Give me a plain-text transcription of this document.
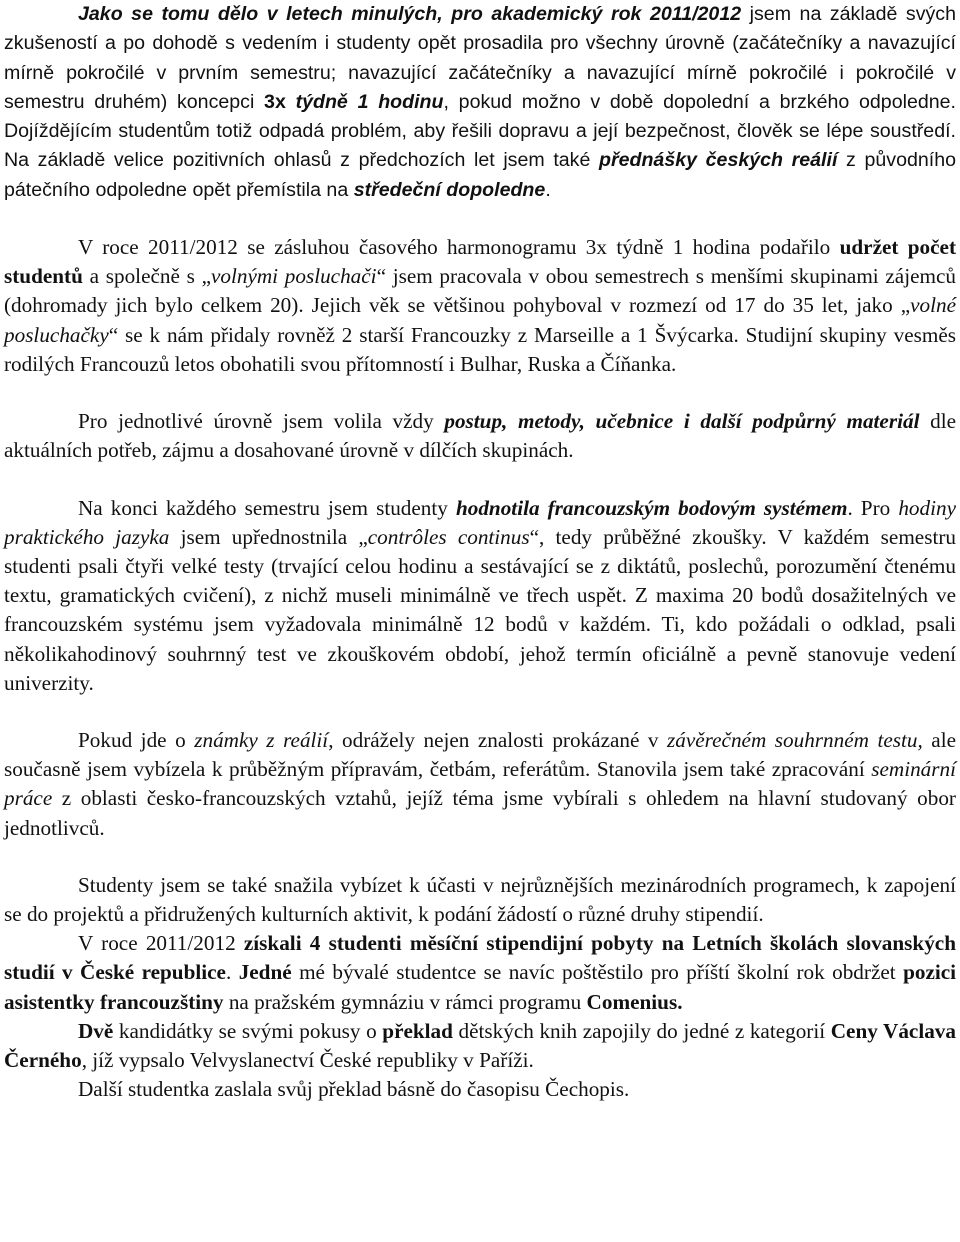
Jako se tomu dělo v letech minulých, pro akademický rok 2011/2012 jsem na základě svých zkušeností a po dohodě s vedením i studenty opět prosadila pro všechny úrovně (začátečníky a navazující mírně pokročilé v prvním semestru; navazující začátečníky a navazující mírně pokročilé i pokročilé v semestru druhém) koncepci 3x týdně 1 hodinu, pokud možno v době dopolední a brzkého odpoledne. Dojíždějícím studentům totiž odpadá problém, aby řešili dopravu a její bezpečnost, člověk se lépe soustředí. Na základě velice pozitivních ohlasů z předchozích let jsem také přednášky českých reálií z původního pátečního odpoledne opět přemístila na středeční dopoledne.

V roce 2011/2012 se zásluhou časového harmonogramu 3x týdně 1 hodina podařilo udržet počet studentů a společně s „volnými posluchači“ jsem pracovala v obou semestrech s menšími skupinami zájemců (dohromady jich bylo celkem 20). Jejich věk se většinou pohyboval v rozmezí od 17 do 35 let, jako „volné posluchačky“ se k nám přidaly rovněž 2 starší Francouzky z Marseille a 1 Švýcarka. Studijní skupiny vesměs rodilých Francouzů letos obohatili svou přítomností i Bulhar, Ruska a Číňanka.

Pro jednotlivé úrovně jsem volila vždy postup, metody, učebnice i další podpůrný materiál dle aktuálních potřeb, zájmu a dosahované úrovně v dílčích skupinách.

Na konci každého semestru jsem studenty hodnotila francouzským bodovým systémem. Pro hodiny praktického jazyka jsem upřednostnila „contrôles continus“, tedy průběžné zkoušky. V každém semestru studenti psali čtyři velké testy (trvající celou hodinu a sestávající se z diktátů, poslechů, porozumění čtenému textu, gramatických cvičení), z nichž museli minimálně ve třech uspět. Z maxima 20 bodů dosažitelných ve francouzském systému jsem vyžadovala minimálně 12 bodů v každém. Ti, kdo požádali o odklad, psali několikahodinový souhrnný test ve zkouškovém období, jehož termín oficiálně a pevně stanovuje vedení univerzity.

Pokud jde o známky z reálií, odrážely nejen znalosti prokázané v závěrečném souhrnném testu, ale současně jsem vybízela k průběžným přípravám, četbám, referátům. Stanovila jsem také zpracování seminární práce z oblasti česko-francouzských vztahů, jejíž téma jsme vybírali s ohledem na hlavní studovaný obor jednotlivců.

Studenty jsem se také snažila vybízet k účasti v nejrůznějších mezinárodních programech, k zapojení se do projektů a přidružených kulturních aktivit, k podání žádostí o různé druhy stipendií.

V roce 2011/2012 získali 4 studenti měsíční stipendijní pobyty na Letních školách slovanských studií v České republice. Jedné mé bývalé studentce se navíc poštěstilo pro příští školní rok obdržet pozici asistentky francouzštiny na pražském gymnáziu v rámci programu Comenius.

Dvě kandidátky se svými pokusy o překlad dětských knih zapojily do jedné z kategorií Ceny Václava Černého, jíž vypsalo Velvyslanectví České republiky v Paříži.

Další studentka zaslala svůj překlad básně do časopisu Čechopis.
